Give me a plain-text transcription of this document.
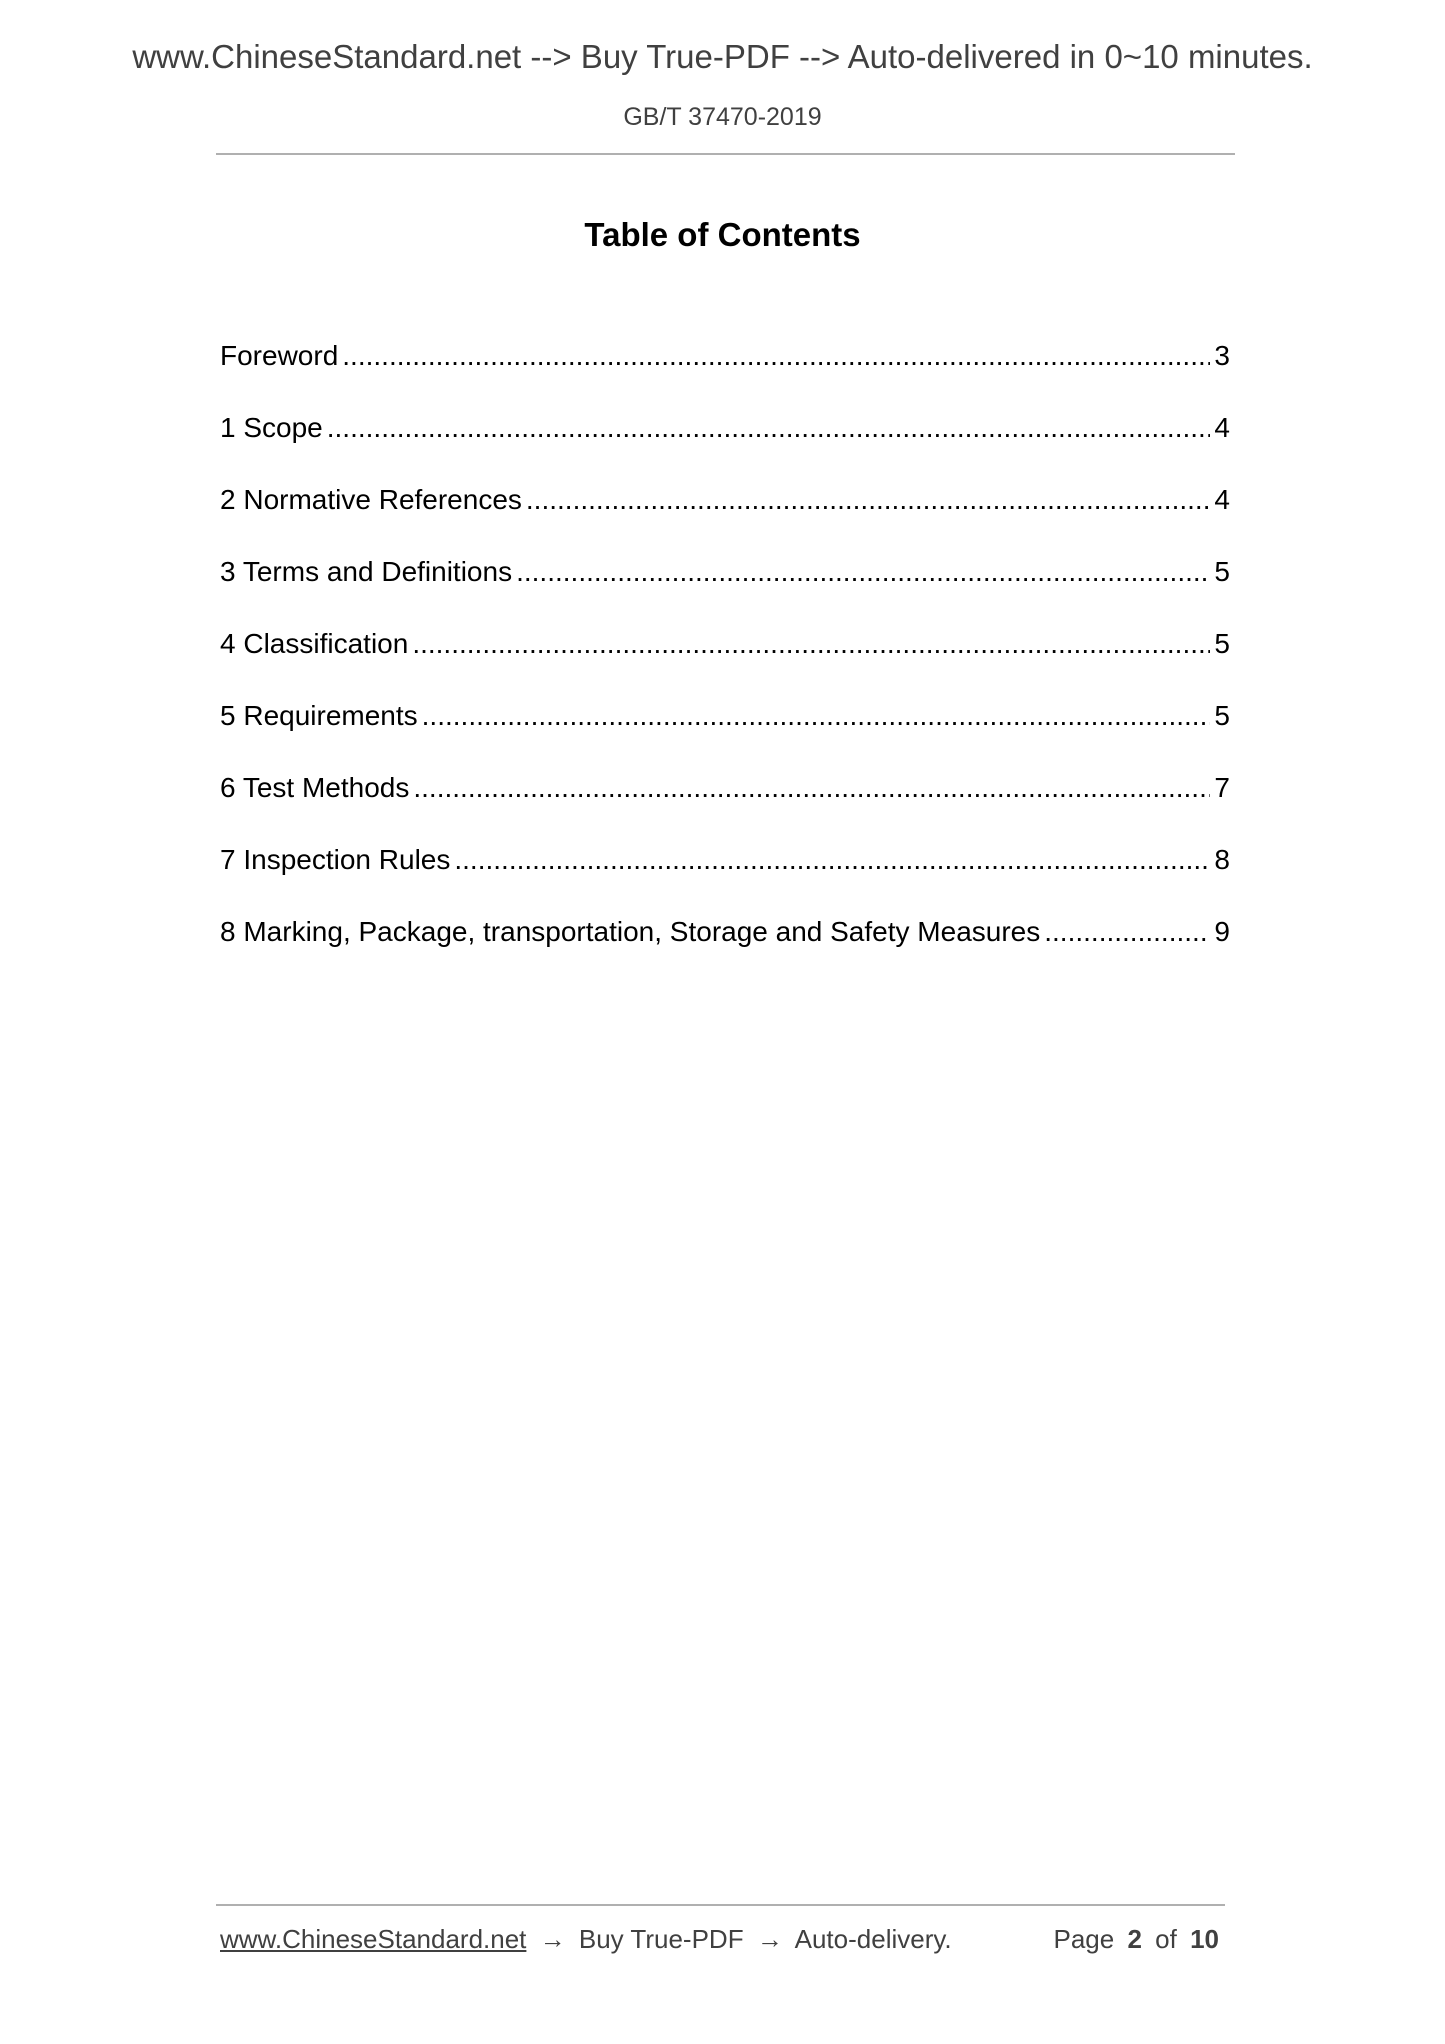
www.ChineseStandard.net --> Buy True-PDF --> Auto-delivered in 0~10 minutes.
GB/T 37470-2019
Table of Contents
Foreword .....	3
1 Scope .....	4
2 Normative References .....	4
3 Terms and Definitions .....	5
4 Classification .....	5
5 Requirements .....	5
6 Test Methods .....	7
7 Inspection Rules .....	8
8 Marking, Package, transportation, Storage and Safety Measures .....	9
www.ChineseStandard.net → Buy True-PDF → Auto-delivery.	Page 2 of 10
